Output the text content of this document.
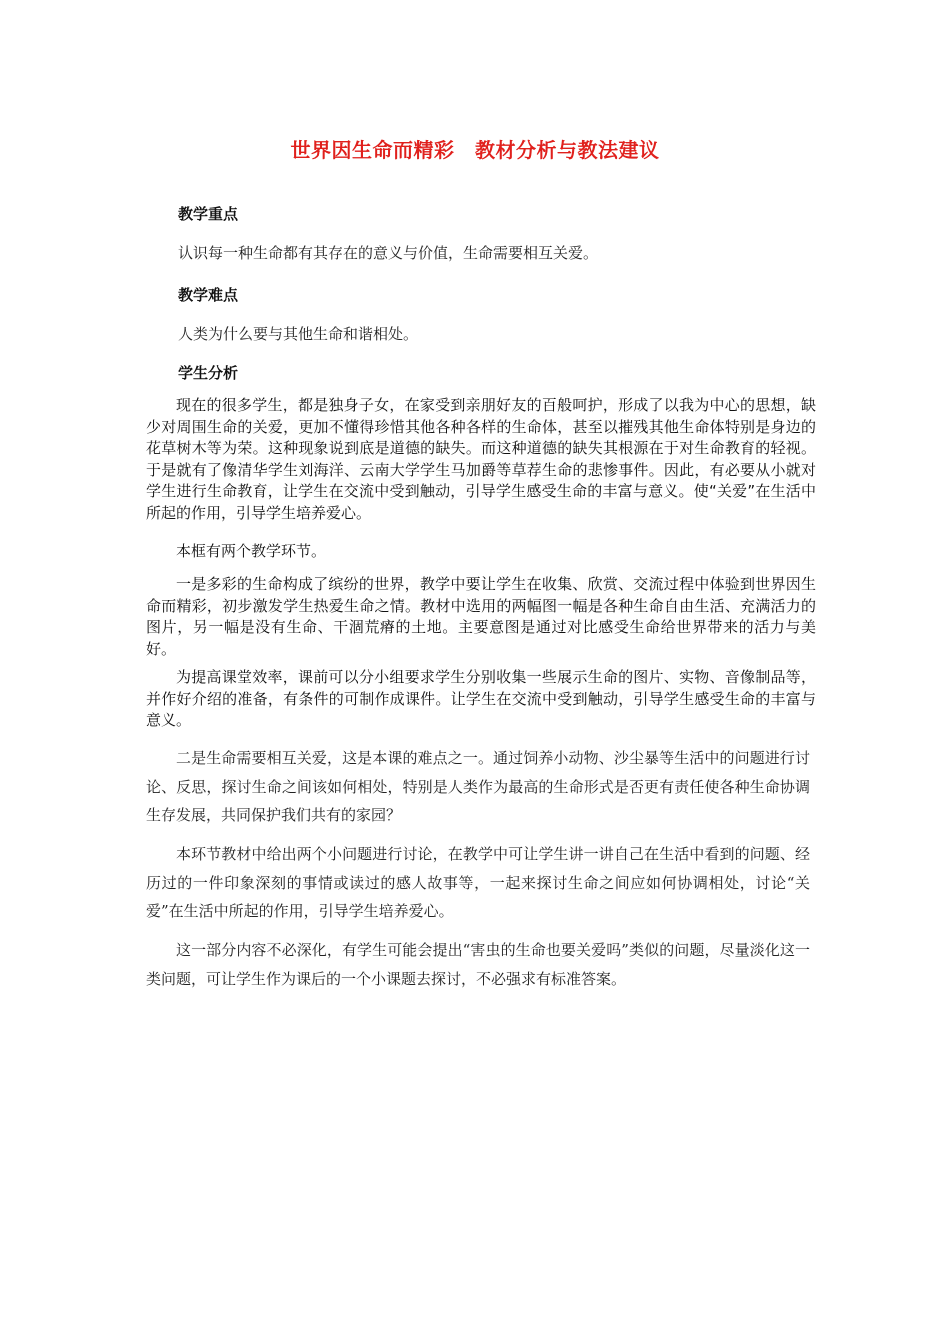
世界因生命而精彩　教材分析与教法建议
教学重点
认识每一种生命都有其存在的意义与价值，生命需要相互关爱。
教学难点
人类为什么要与其他生命和谐相处。
学生分析
现在的很多学生，都是独身子女，在家受到亲朋好友的百般呵护，形成了以我为中心的思想，缺少对周围生命的关爱，更加不懂得珍惜其他各种各样的生命体，甚至以摧残其他生命体特别是身边的花草树木等为荣。这种现象说到底是道德的缺失。而这种道德的缺失其根源在于对生命教育的轻视。于是就有了像清华学生刘海洋、云南大学学生马加爵等草荐生命的悲惨事件。因此，有必要从小就对学生进行生命教育，让学生在交流中受到触动，引导学生感受生命的丰富与意义。使“关爱”在生活中所起的作用，引导学生培养爱心。
本框有两个教学环节。
一是多彩的生命构成了缤纷的世界，教学中要让学生在收集、欣赏、交流过程中体验到世界因生命而精彩，初步激发学生热爱生命之情。教材中选用的两幅图一幅是各种生命自由生活、充满活力的图片，另一幅是没有生命、干涸荒瘠的土地。主要意图是通过对比感受生命给世界带来的活力与美好。
为提高课堂效率，课前可以分小组要求学生分别收集一些展示生命的图片、实物、音像制品等，并作好介绍的准备，有条件的可制作成课件。让学生在交流中受到触动，引导学生感受生命的丰富与意义。
二是生命需要相互关爱，这是本课的难点之一。通过饲养小动物、沙尘暴等生活中的问题进行讨论、反思，探讨生命之间该如何相处，特别是人类作为最高的生命形式是否更有责任使各种生命协调生存发展，共同保护我们共有的家园？
本环节教材中给出两个小问题进行讨论，在教学中可让学生讲一讲自己在生活中看到的问题、经历过的一件印象深刻的事情或读过的感人故事等，一起来探讨生命之间应如何协调相处，讨论“关爱”在生活中所起的作用，引导学生培养爱心。
这一部分内容不必深化，有学生可能会提出“害虫的生命也要关爱吗”类似的问题，尽量淡化这一类问题，可让学生作为课后的一个小课题去探讨，不必强求有标准答案。
